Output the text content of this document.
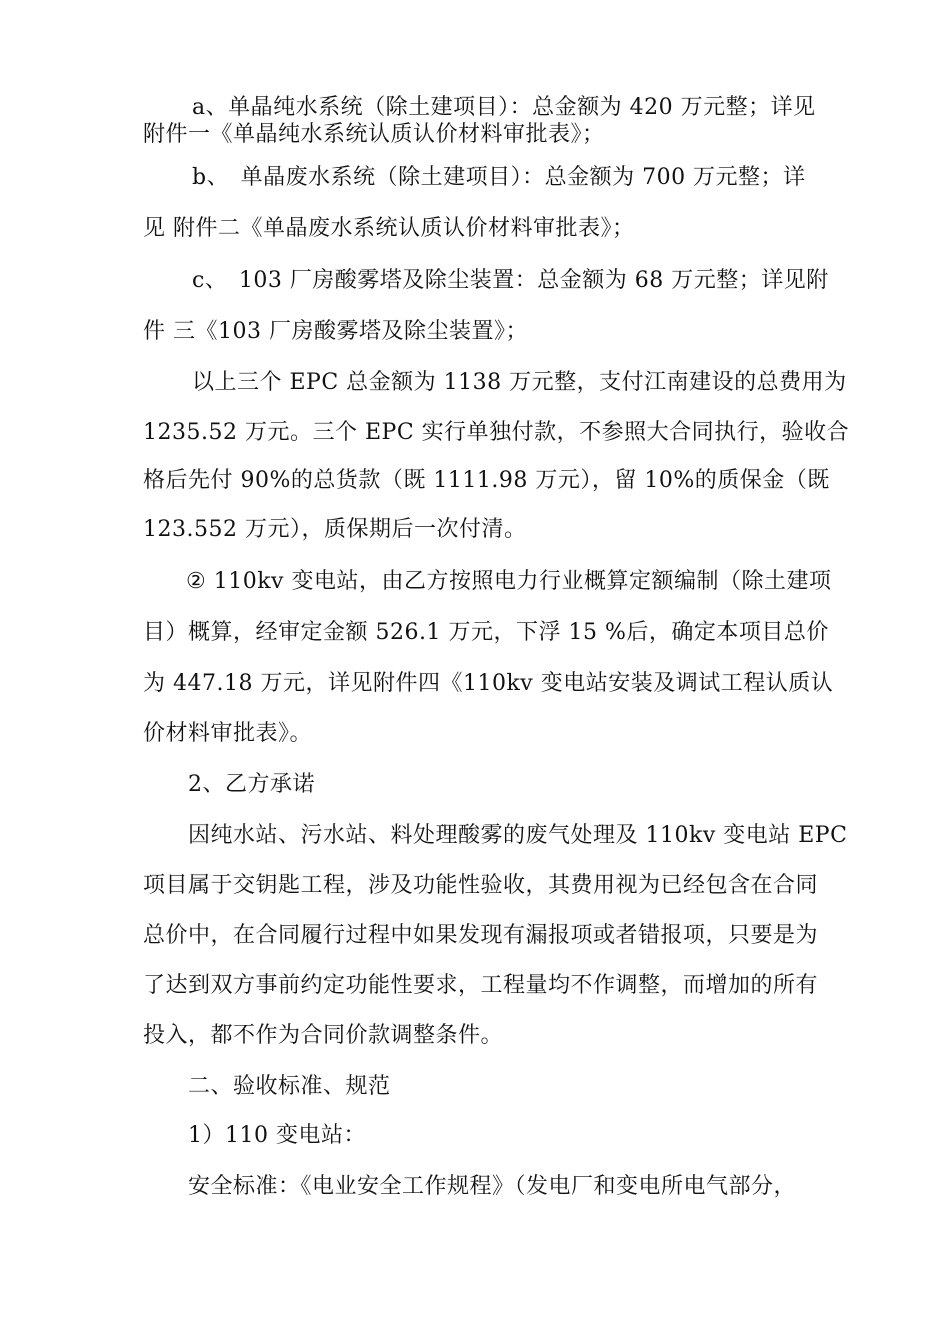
a、单晶纯水系统（除土建项目）：总金额为 420 万元整；详见
附件一《单晶纯水系统认质认价材料审批表》；
b、　单晶废水系统（除土建项目）：总金额为 700 万元整；详
见 附件二《单晶废水系统认质认价材料审批表》；
c、　103 厂房酸雾塔及除尘装置：总金额为 68 万元整；详见附
件 三《103 厂房酸雾塔及除尘装置》；
以上三个 EPC 总金额为 1138 万元整，支付江南建设的总费用为
1235.52 万元。三个 EPC 实行单独付款，不参照大合同执行，验收合
格后先付 90%的总货款（既 1111.98 万元），留 10%的质保金（既
123.552 万元），质保期后一次付清。
② 110kv 变电站，由乙方按照电力行业概算定额编制（除土建项
目）概算，经审定金额 526.1 万元，下浮 15 %后，确定本项目总价
为 447.18 万元，详见附件四《110kv 变电站安装及调试工程认质认
价材料审批表》。
2、乙方承诺
因纯水站、污水站、料处理酸雾的废气处理及 110kv 变电站 EPC
项目属于交钥匙工程，涉及功能性验收，其费用视为已经包含在合同
总价中，在合同履行过程中如果发现有漏报项或者错报项，只要是为
了达到双方事前约定功能性要求，工程量均不作调整，而增加的所有
投入，都不作为合同价款调整条件。
二、验收标准、规范
1）110 变电站：
安全标准：《电业安全工作规程》（发电厂和变电所电气部分，
